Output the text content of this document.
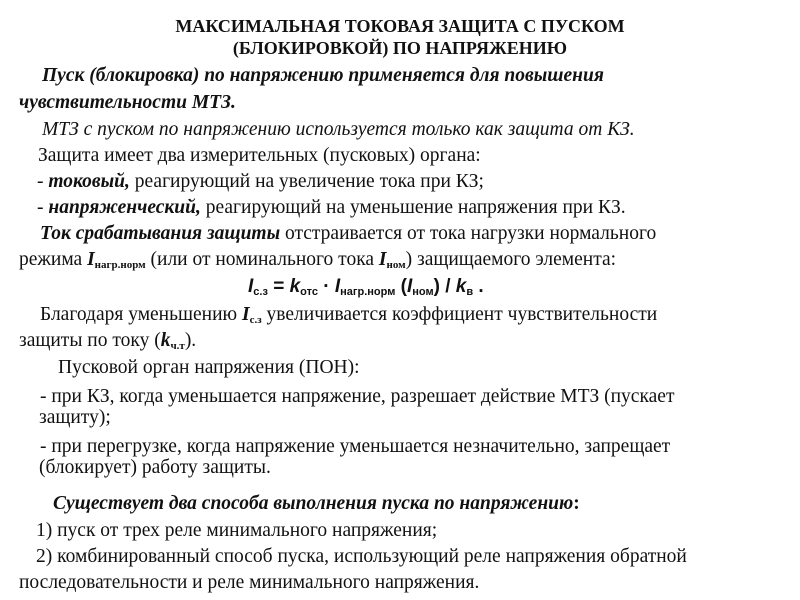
МАКСИМАЛЬНАЯ ТОКОВАЯ ЗАЩИТА С ПУСКОМ
(БЛОКИРОВКОЙ) ПО НАПРЯЖЕНИЮ
Пуск (блокировка) по напряжению применяется для повышения
чувствительности МТЗ.
МТЗ с пуском по напряжению используется только как защита от КЗ.
Защита имеет два измерительных (пусковых) органа:
- токовый, реагирующий на увеличение тока при КЗ;
- напряженческий, реагирующий на уменьшение напряжения при КЗ.
Ток срабатывания защиты отстраивается от тока нагрузки нормального
режима $I_{нагр.норм}$ (или от номинального тока $I_{ном}$) защищаемого элемента:
$I_{с.з} = k_{отс} \cdot I_{нагр.норм}$ $(I_{ном}) / k_в$ .
Благодаря уменьшению $I_{с.з}$ увеличивается коэффициент чувствительности
защиты по току $(k_{ч.т})$.
Пусковой орган напряжения (ПОН):
- при КЗ, когда уменьшается напряжение, разрешает действие МТЗ (пускает
защиту);
- при перегрузке, когда напряжение уменьшается незначительно, запрещает
(блокирует) работу защиты.
Существует два способа выполнения пуска по напряжению:
1) пуск от трех реле минимального напряжения;
2) комбинированный способ пуска, использующий реле напряжения обратной
последовательности и реле минимального напряжения.
